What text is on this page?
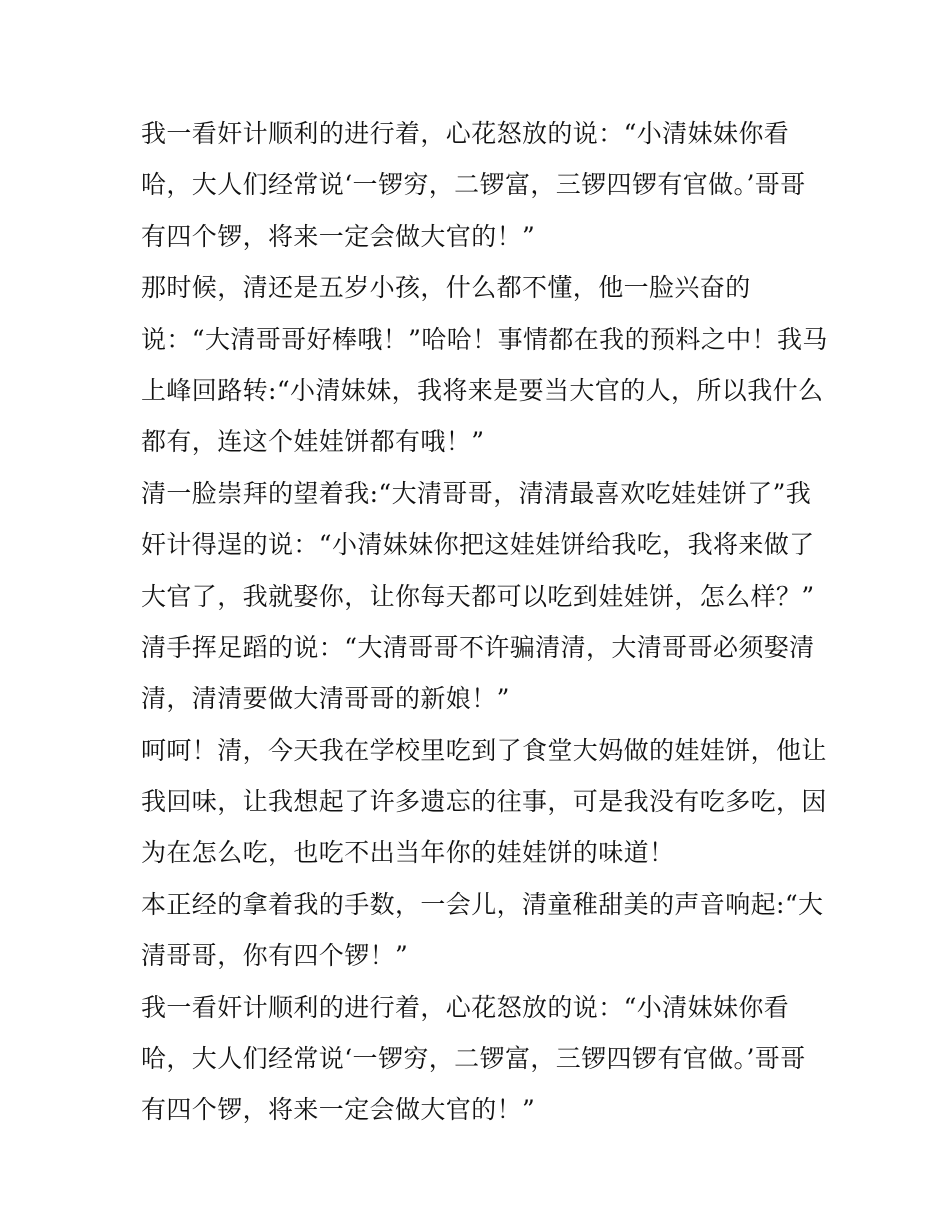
我一看奸计顺利的进行着，心花怒放的说：“小清妹妹你看
哈，大人们经常说‘一锣穷，二锣富，三锣四锣有官做。’哥哥
有四个锣，将来一定会做大官的！”
那时候，清还是五岁小孩，什么都不懂，他一脸兴奋的
说：“大清哥哥好棒哦！”哈哈！事情都在我的预料之中！我马
上峰回路转:“小清妹妹，我将来是要当大官的人，所以我什么
都有，连这个娃娃饼都有哦！”
清一脸崇拜的望着我:“大清哥哥，清清最喜欢吃娃娃饼了”我
奸计得逞的说：“小清妹妹你把这娃娃饼给我吃，我将来做了
大官了，我就娶你，让你每天都可以吃到娃娃饼，怎么样？”
清手挥足蹈的说：“大清哥哥不许骗清清，大清哥哥必须娶清
清，清清要做大清哥哥的新娘！”
呵呵！清，今天我在学校里吃到了食堂大妈做的娃娃饼，他让
我回味，让我想起了许多遗忘的往事，可是我没有吃多吃，因
为在怎么吃，也吃不出当年你的娃娃饼的味道！
本正经的拿着我的手数，一会儿，清童稚甜美的声音响起:“大
清哥哥，你有四个锣！”
我一看奸计顺利的进行着，心花怒放的说：“小清妹妹你看
哈，大人们经常说‘一锣穷，二锣富，三锣四锣有官做。’哥哥
有四个锣，将来一定会做大官的！”
